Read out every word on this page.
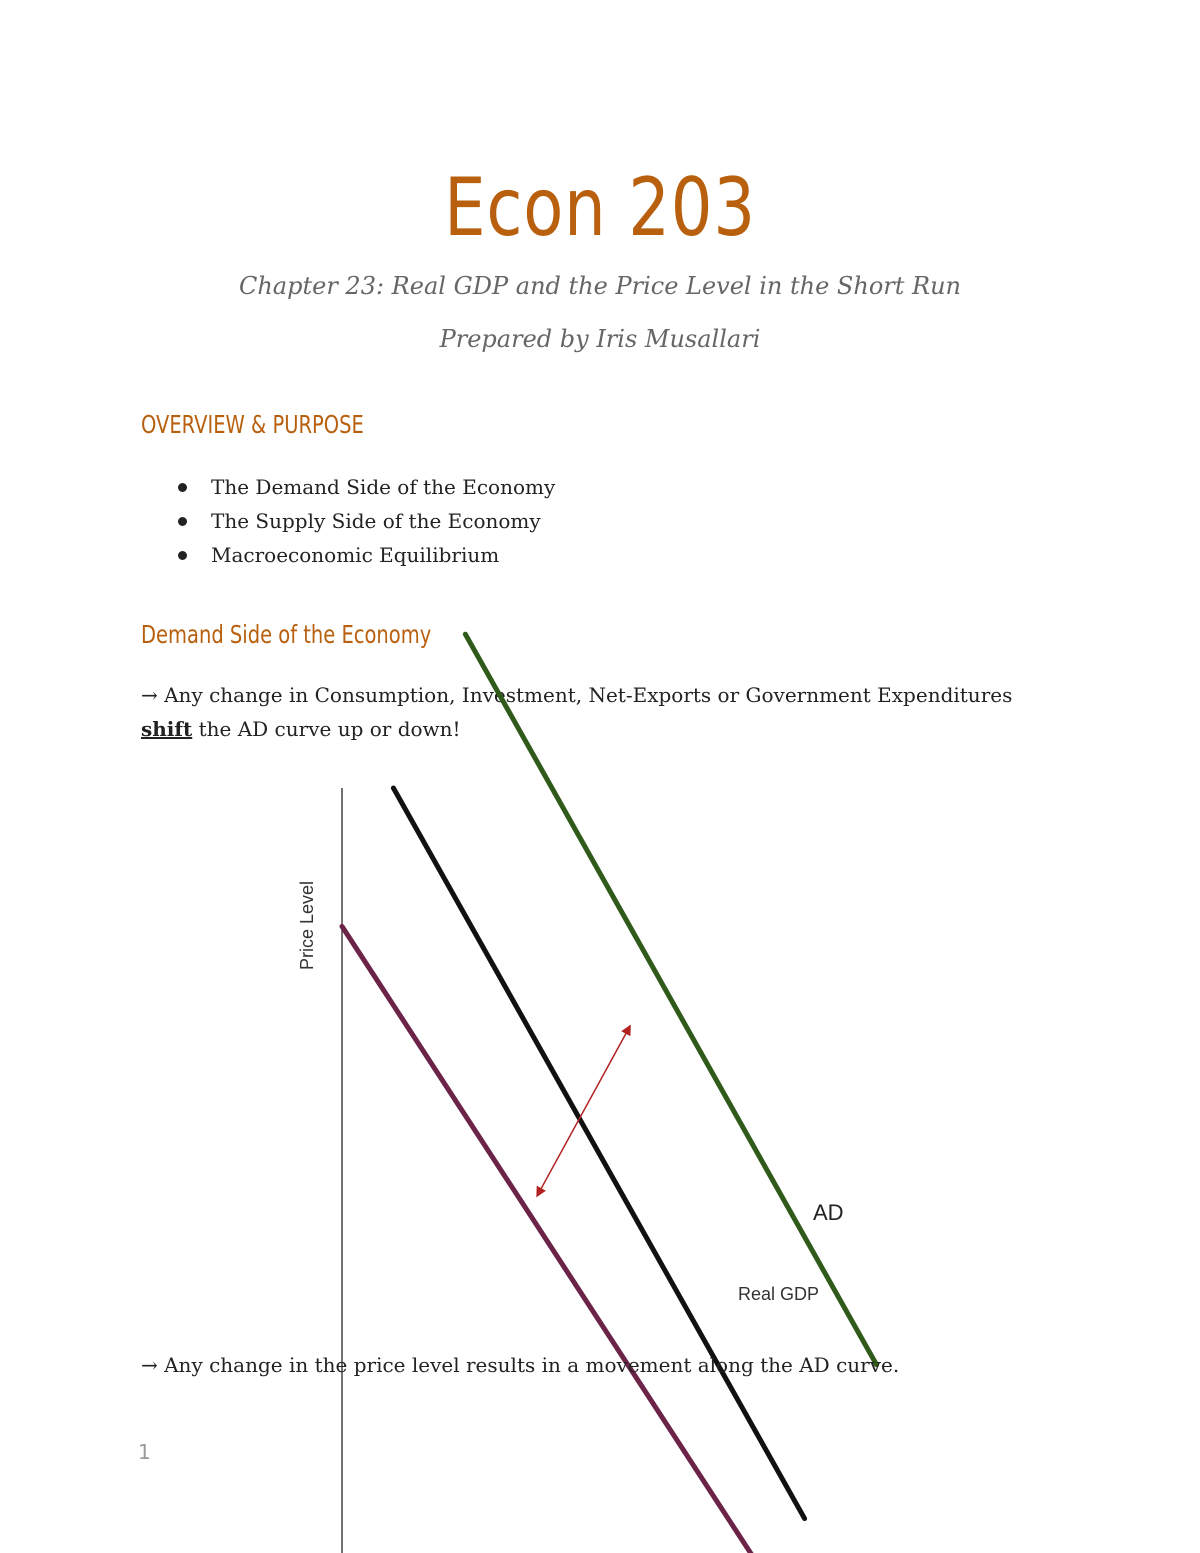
Econ 203
Chapter 23: Real GDP and the Price Level in the Short Run
Prepared by Iris Musallari
OVERVIEW & PURPOSE
The Demand Side of the Economy
The Supply Side of the Economy
Macroeconomic Equilibrium
Demand Side of the Economy
→ Any change in Consumption, Investment, Net-Exports or Government Expenditures
shift the AD curve up or down!
AD
Real GDP
Price Level
→ Any change in the price level results in a movement along the AD curve.
1
